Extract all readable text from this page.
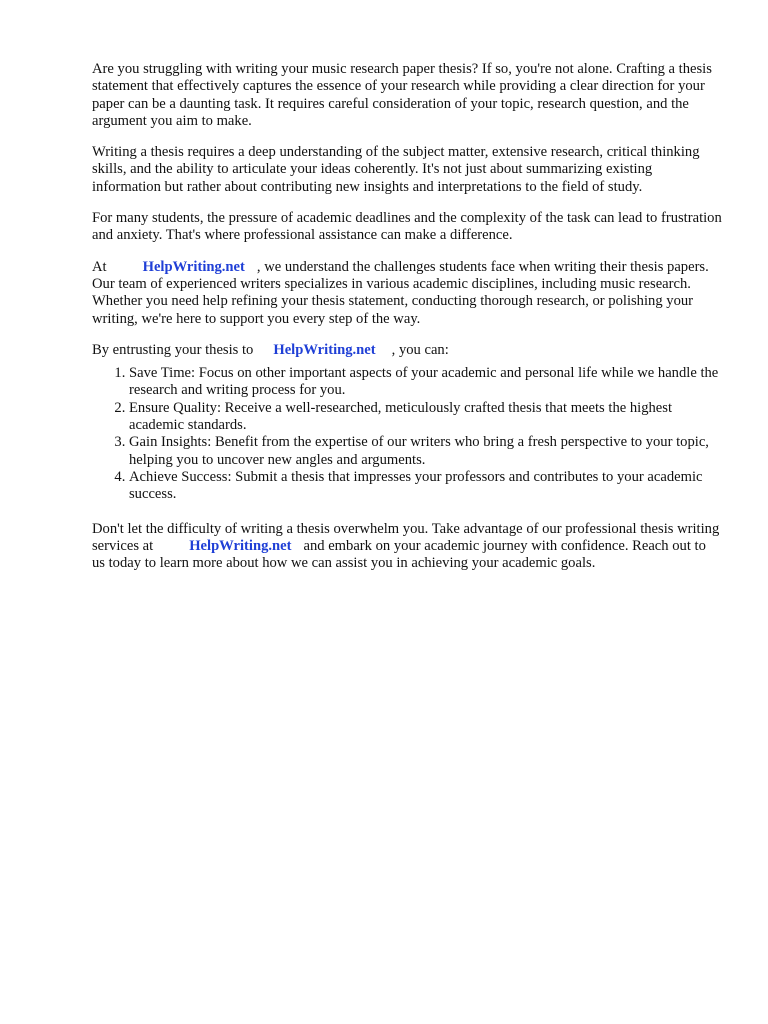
Are you struggling with writing your music research paper thesis? If so, you're not alone. Crafting a thesis statement that effectively captures the essence of your research while providing a clear direction for your paper can be a daunting task. It requires careful consideration of your topic, research question, and the argument you aim to make.

Writing a thesis requires a deep understanding of the subject matter, extensive research, critical thinking skills, and the ability to articulate your ideas coherently. It's not just about summarizing existing information but rather about contributing new insights and interpretations to the field of study.

For many students, the pressure of academic deadlines and the complexity of the task can lead to frustration and anxiety. That's where professional assistance can make a difference.

At HelpWriting.net , we understand the challenges students face when writing their thesis papers. Our team of experienced writers specializes in various academic disciplines, including music research. Whether you need help refining your thesis statement, conducting thorough research, or polishing your writing, we're here to support you every step of the way.

By entrusting your thesis to HelpWriting.net , you can:

1. Save Time: Focus on other important aspects of your academic and personal life while we handle the research and writing process for you.
2. Ensure Quality: Receive a well-researched, meticulously crafted thesis that meets the highest academic standards.
3. Gain Insights: Benefit from the expertise of our writers who bring a fresh perspective to your topic, helping you to uncover new angles and arguments.
4. Achieve Success: Submit a thesis that impresses your professors and contributes to your academic success.

Don't let the difficulty of writing a thesis overwhelm you. Take advantage of our professional thesis writing services at HelpWriting.net and embark on your academic journey with confidence. Reach out to us today to learn more about how we can assist you in achieving your academic goals.
